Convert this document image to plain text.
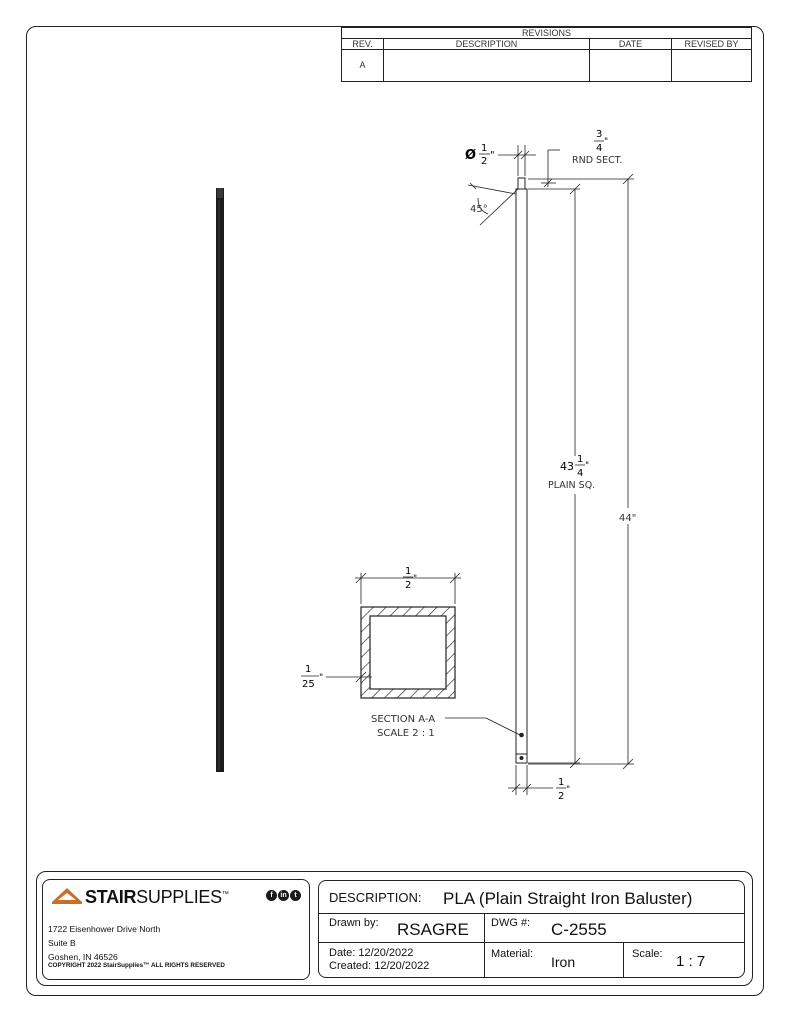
REVISIONS
REV.	DESCRIPTION	DATE	REVISED BY
A
Ø 1
2
"
3
4
"
RND SECT.
45°
43
1
4
"
PLAIN SQ.
44"
1
2
"
1
2
"
1
25
"
SECTION A-A
SCALE 2 : 1
STAIRSUPPLIES™	f in t
1722 Eisenhower Drive North
Suite B
Goshen, IN 46526
COPYRIGHT 2022 StairSupplies™ ALL RIGHTS RESERVED
DESCRIPTION: PLA (Plain Straight Iron Baluster)
Drawn by: RSAGRE DWG #: C-2555
Date: 12/20/2022
Created: 12/20/2022
Material: Iron	Scale: 1 : 7
